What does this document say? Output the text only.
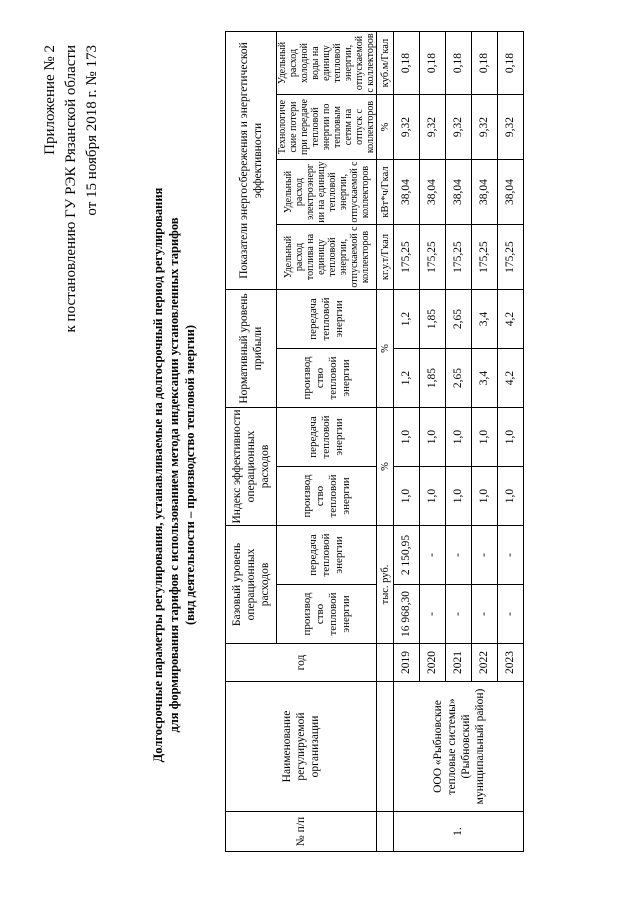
Приложение № 2 к постановлению ГУ РЭК Рязанской области от 15 ноября 2018 г. № 173
Долгосрочные параметры регулирования, устанавливаемые на долгосрочный период регулирования для формирования тарифов с использованием метода индексации установленных тарифов (вид деятельности – производство тепловой энергии)
№ п/п	Наименование регулируемой организации	год	Базовый уровень операционных расходов		Индекс эффективности операционных расходов		Нормативный уровень прибыли		Показатели энергосбережения и энергетической эффективности			
			производ ство тепловой энергии	передача тепловой энергии	производ ство тепловой энергии	передача тепловой энергии	производ ство тепловой энергии	передача тепловой энергии	Удельный расход топлива на единицу тепловой энергии, отпускаемой с коллекторов	Удельный расход электроэнерг ии на единицу тепловой энергии, отпускаемой с коллекторов	Технологиче ские потери при передаче тепловой энергии по тепловым сетям на отпуск с коллекторов	Удельный расход холодной воды на единицу тепловой энергии, отпускаемой с коллекторов
			тыс. руб.		%		%		кг.у.т/Гкал	кВт*ч/Гкал	%	куб.м/Гкал
1.	ООО «Рыбновские тепловые системы» (Рыбновский муниципальный район)	2019	16 968,30	2 150,95	1,0	1,0	1,2	1,2	175,25	38,04	9,32	0,18
		2020	-	-	1,0	1,0	1,85	1,85	175,25	38,04	9,32	0,18
		2021	-	-	1,0	1,0	2,65	2,65	175,25	38,04	9,32	0,18
		2022	-	-	1,0	1,0	3,4	3,4	175,25	38,04	9,32	0,18
		2023	-	-	1,0	1,0	4,2	4,2	175,25	38,04	9,32	0,18
